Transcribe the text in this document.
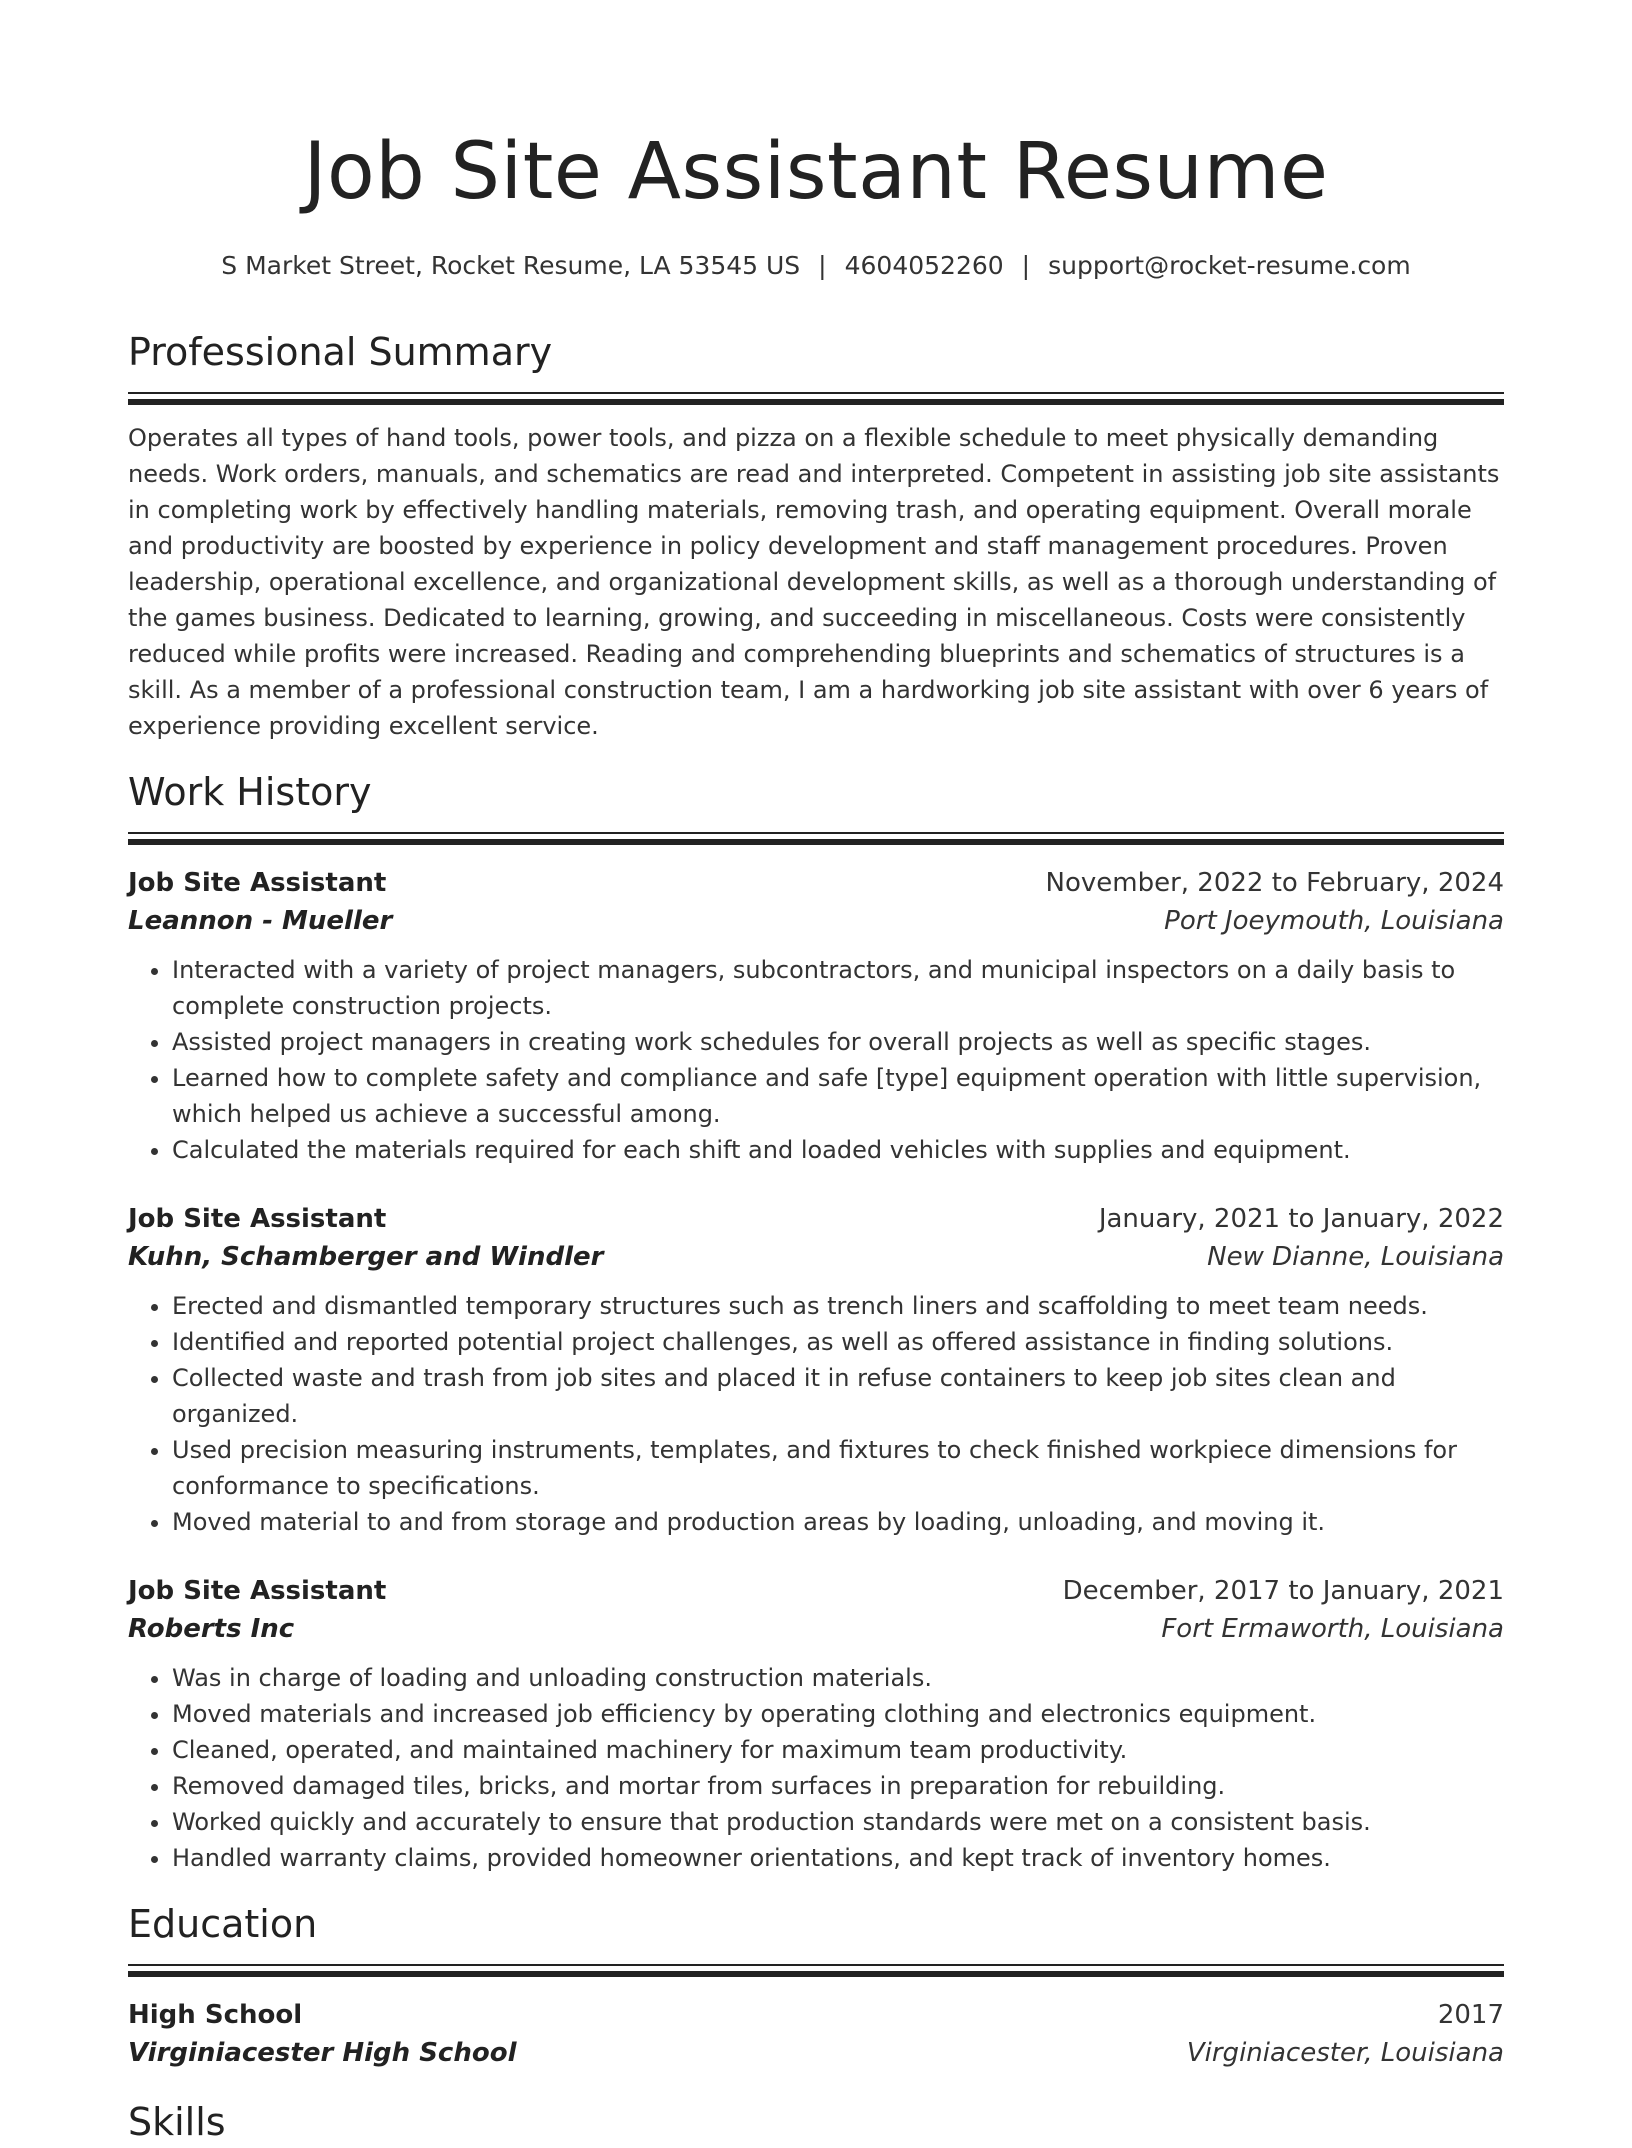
Job Site Assistant Resume
S Market Street, Rocket Resume, LA 53545 US | 4604052260 | support@rocket-resume.com
Professional Summary

Operates all types of hand tools, power tools, and pizza on a flexible schedule to meet physically demanding needs. Work orders, manuals, and schematics are read and interpreted. Competent in assisting job site assistants in completing work by effectively handling materials, removing trash, and operating equipment. Overall morale and productivity are boosted by experience in policy development and staff management procedures. Proven leadership, operational excellence, and organizational development skills, as well as a thorough understanding of the games business. Dedicated to learning, growing, and succeeding in miscellaneous. Costs were consistently reduced while profits were increased. Reading and comprehending blueprints and schematics of structures is a skill. As a member of a professional construction team, I am a hardworking job site assistant with over 6 years of experience providing excellent service.

Work History
Job Site Assistant	November, 2022 to February, 2024
Leannon - Mueller	Port Joeymouth, Louisiana
• Interacted with a variety of project managers, subcontractors, and municipal inspectors on a daily basis to complete construction projects.
• Assisted project managers in creating work schedules for overall projects as well as specific stages.
• Learned how to complete safety and compliance and safe [type] equipment operation with little supervision, which helped us achieve a successful among.
• Calculated the materials required for each shift and loaded vehicles with supplies and equipment.
Job Site Assistant	January, 2021 to January, 2022
Kuhn, Schamberger and Windler	New Dianne, Louisiana
• Erected and dismantled temporary structures such as trench liners and scaffolding to meet team needs.
• Identified and reported potential project challenges, as well as offered assistance in finding solutions.
• Collected waste and trash from job sites and placed it in refuse containers to keep job sites clean and organized.
• Used precision measuring instruments, templates, and fixtures to check finished workpiece dimensions for conformance to specifications.
• Moved material to and from storage and production areas by loading, unloading, and moving it.
Job Site Assistant	December, 2017 to January, 2021
Roberts Inc	Fort Ermaworth, Louisiana
• Was in charge of loading and unloading construction materials.
• Moved materials and increased job efficiency by operating clothing and electronics equipment.
• Cleaned, operated, and maintained machinery for maximum team productivity.
• Removed damaged tiles, bricks, and mortar from surfaces in preparation for rebuilding.
• Worked quickly and accurately to ensure that production standards were met on a consistent basis.
• Handled warranty claims, provided homeowner orientations, and kept track of inventory homes.
Education
High School	2017
Virginiacester High School	Virginiacester, Louisiana
Skills
